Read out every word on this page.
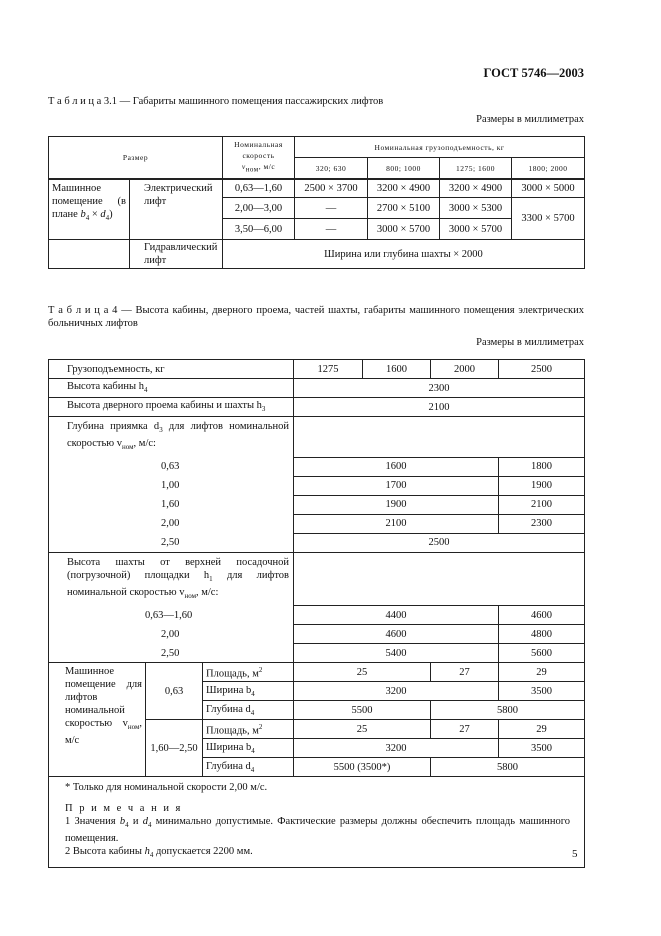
ГОСТ 5746—2003
Т а б л и ц а 3.1 — Габариты машинного помещения пассажирских лифтов
Размеры в миллиметрах
Размер		Номинальная скорость
$v_{ном}$, м/с	Номинальная грузоподъемность, кг			
			320; 630	800; 1000	1275; 1600	1800; 2000
Машинное помещение (в плане $b_4 \times d_4$)	Электрический лифт	0,63—1,60	2500 × 3700	3200 × 4900	3200 × 4900	3000 × 5000
		2,00—3,00	—	2700 × 5100	3000 × 5300	3300 × 5700
		3,50—6,00	—	3000 × 5700	3000 × 5700	
	Гидравлический лифт	Ширина или глубина шахты × 2000				
Т а б л и ц а 4 — Высота кабины, дверного проема, частей шахты, габариты машинного помещения электрических больничных лифтов
Размеры в миллиметрах
Грузоподъемность, кг			1275	1600	2000	2500
Высота кабины $h_4$			2300			
Высота дверного проема кабины и шахты $h_3$			2100			
Глубина приямка $d_3$ для лифтов номинальной скоростью $v_{ном}$, м/с:						
0,63			1600			1800
1,00			1700			1900
1,60			1900			2100
2,00			2100			2300
2,50			2500			
Высота шахты от верхней посадочной (погрузочной) площадки $h_1$ для лифтов номинальной скоростью $v_{ном}$, м/с:						
0,63—1,60			4400			4600
2,00			4600			4800
2,50			5400			5600
Машинное помещение для лифтов номинальной скоростью $v_{ном}$, м/с	0,63	Площадь, $м^2$	25		27	29
		Ширина $b_4$	3200			3500
		Глубина $d_4$	5500		5800	
	1,60—2,50	Площадь, $м^2$	25		27	29
		Ширина $b_4$	3200			3500
		Глубина $d_4$	5500 (3500*)		5800	

* Только для номинальной скорости 2,00 м/с.

П р и м е ч а н и я

1 Значения $b_4$ и $d_4$ минимально допустимые. Фактические размеры должны обеспечить площадь машинного помещения.

2 Высота кабины $h_4$ допускается 2200 мм.							5
